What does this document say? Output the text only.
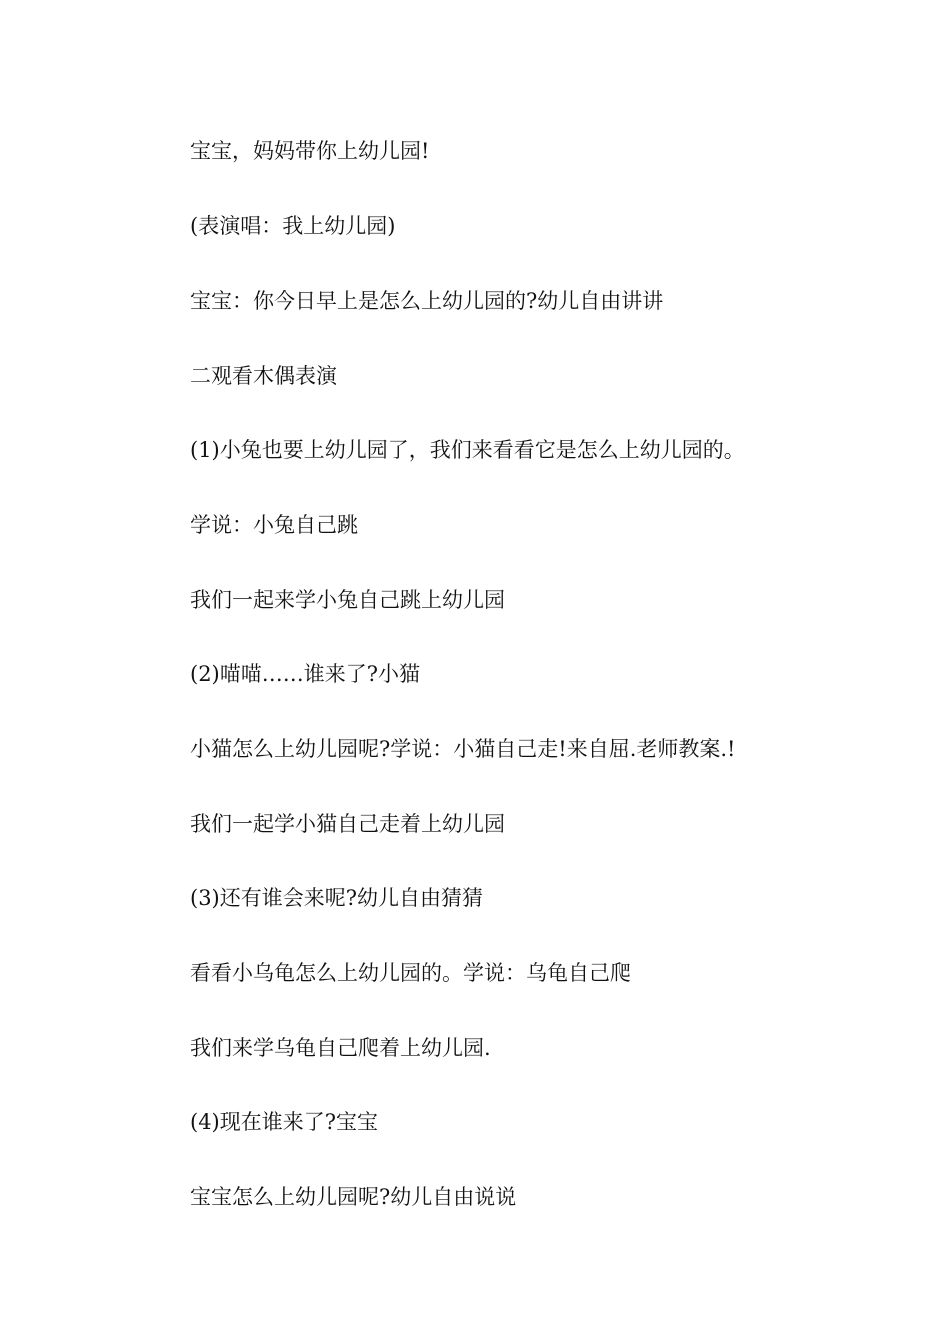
宝宝，妈妈带你上幼儿园!

(表演唱：我上幼儿园)

宝宝：你今日早上是怎么上幼儿园的?幼儿自由讲讲

二观看木偶表演

(1)小兔也要上幼儿园了，我们来看看它是怎么上幼儿园的。

学说：小兔自己跳

我们一起来学小兔自己跳上幼儿园

(2)喵喵……谁来了?小猫

小猫怎么上幼儿园呢?学说：小猫自己走!来自屈.老师教案.!

我们一起学小猫自己走着上幼儿园

(3)还有谁会来呢?幼儿自由猜猜

看看小乌龟怎么上幼儿园的。学说：乌龟自己爬

我们来学乌龟自己爬着上幼儿园.

(4)现在谁来了?宝宝

宝宝怎么上幼儿园呢?幼儿自由说说
